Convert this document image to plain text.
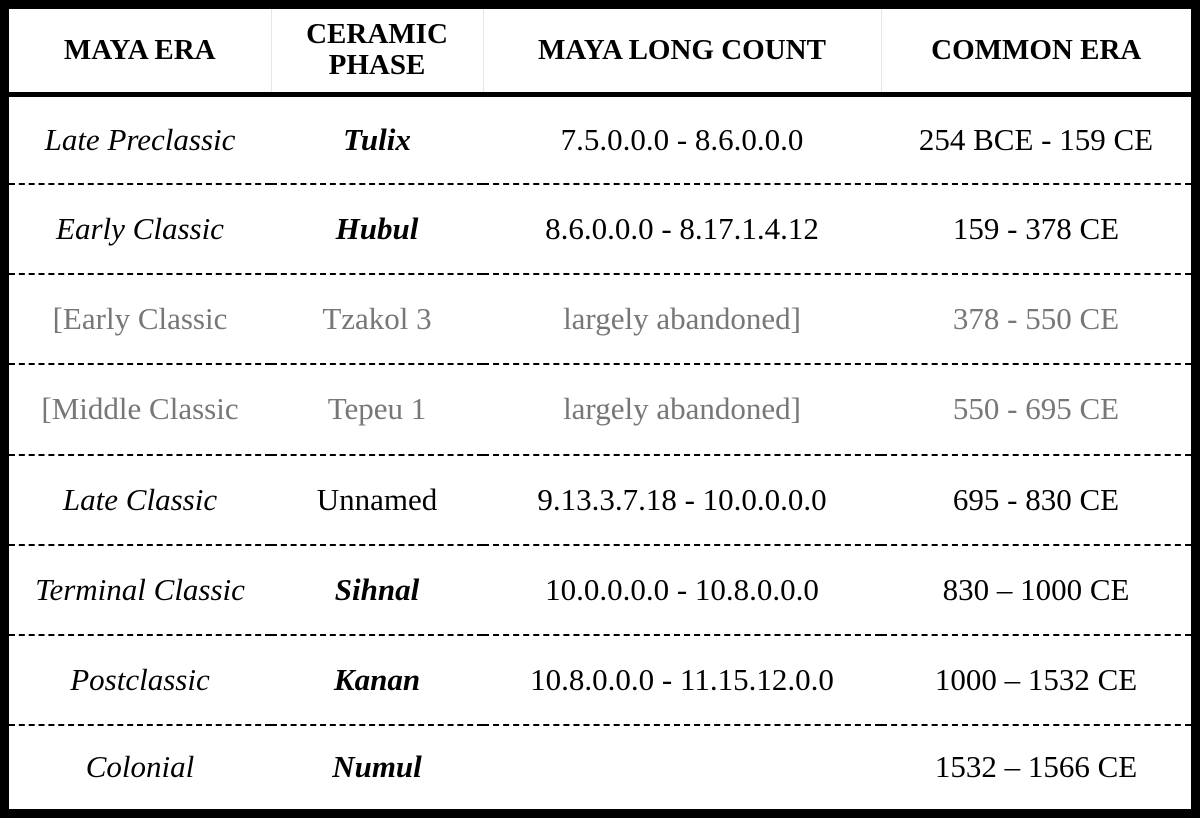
MAYA ERA	CERAMIC PHASE	MAYA LONG COUNT	COMMON ERA
Late Preclassic	Tulix	7.5.0.0.0 - 8.6.0.0.0	254 BCE - 159 CE
Early Classic	Hubul	8.6.0.0.0 - 8.17.1.4.12	159 - 378 CE
[Early Classic	Tzakol 3	largely abandoned]	378 - 550 CE
[Middle Classic	Tepeu 1	largely abandoned]	550 - 695 CE
Late Classic	Unnamed	9.13.3.7.18 - 10.0.0.0.0	695 - 830 CE
Terminal Classic	Sihnal	10.0.0.0.0 - 10.8.0.0.0	830 – 1000 CE
Postclassic	Kanan	10.8.0.0.0 - 11.15.12.0.0	1000 – 1532 CE
Colonial	Numul		1532 – 1566 CE
